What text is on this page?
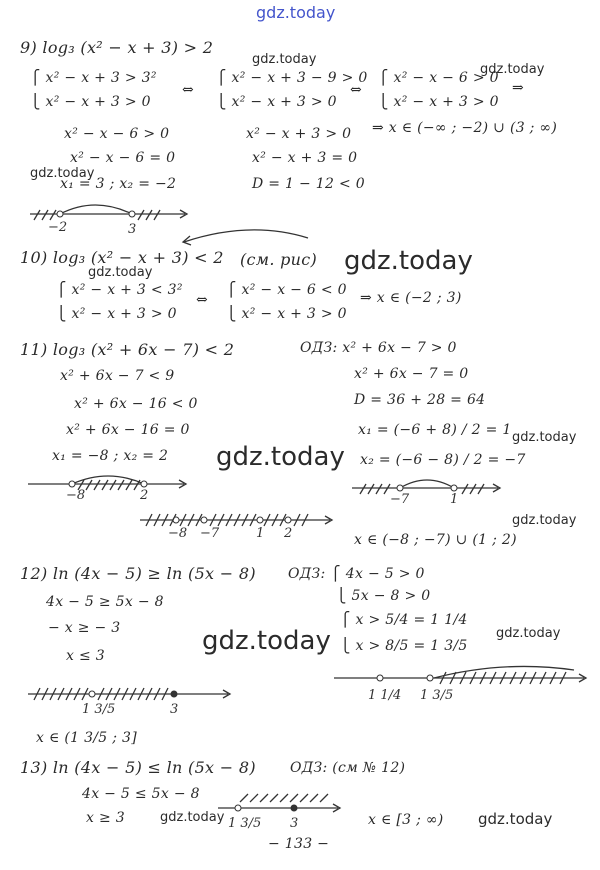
gdz.today
gdz.today
gdz.today
gdz.today
gdz.today
gdz.today
gdz.today
gdz.today
gdz.today
gdz.today	gdz.today
gdz.today	gdz.today
9) log₃ (x² − x + 3) > 2
⎧ x² − x + 3 > 3²
⎩ x² − x + 3 > 0
⇔
⎧ x² − x + 3 − 9 > 0
⎩ x² − x + 3 > 0
⇔
⎧ x² − x − 6 > 0
⎩ x² − x + 3 > 0
⇒
x² − x − 6 > 0
x² − x − 6 = 0
x₁ = 3 ; x₂ = −2
x² − x + 3 > 0
x² − x + 3 = 0
D = 1 − 12 < 0
⇒ x ∈ (−∞ ; −2) ∪ (3 ; ∞)
−2	3
10) log₃ (x² − x + 3) < 2 (см. рис)
⎧ x² − x + 3 < 3²
⎩ x² − x + 3 > 0
⇔
⎧ x² − x − 6 < 0
⎩ x² − x + 3 > 0
⇒ x ∈ (−2 ; 3)
11) log₃ (x² + 6x − 7) < 2
x² + 6x − 7 < 9
x² + 6x − 16 < 0
x² + 6x − 16 = 0
x₁ = −8 ; x₂ = 2
ОДЗ: x² + 6x − 7 > 0
x² + 6x − 7 = 0
D = 36 + 28 = 64
x₁ = (−6 + 8) / 2 = 1
x₂ = (−6 − 8) / 2 = −7
−8	2	−7	1
−8 −7	1 2	x ∈ (−8 ; −7) ∪ (1 ; 2)
12) ln (4x − 5) ≥ ln (5x − 8)
4x − 5 ≥ 5x − 8
− x ≥ − 3
x ≤ 3
ОДЗ: ⎧ 4x − 5 > 0
⎩ 5x − 8 > 0
⎧ x > 5/4 = 1 1/4
⎩ x > 8/5 = 1 3/5
1 1/4 1 3/5
1 3/5	3
x ∈ (1 3/5 ; 3]
13) ln (4x − 5) ≤ ln (5x − 8) ОДЗ: (см № 12)
4x − 5 ≤ 5x − 8
x ≥ 3	1 3/5 3	x ∈ [3 ; ∞)
− 133 −
